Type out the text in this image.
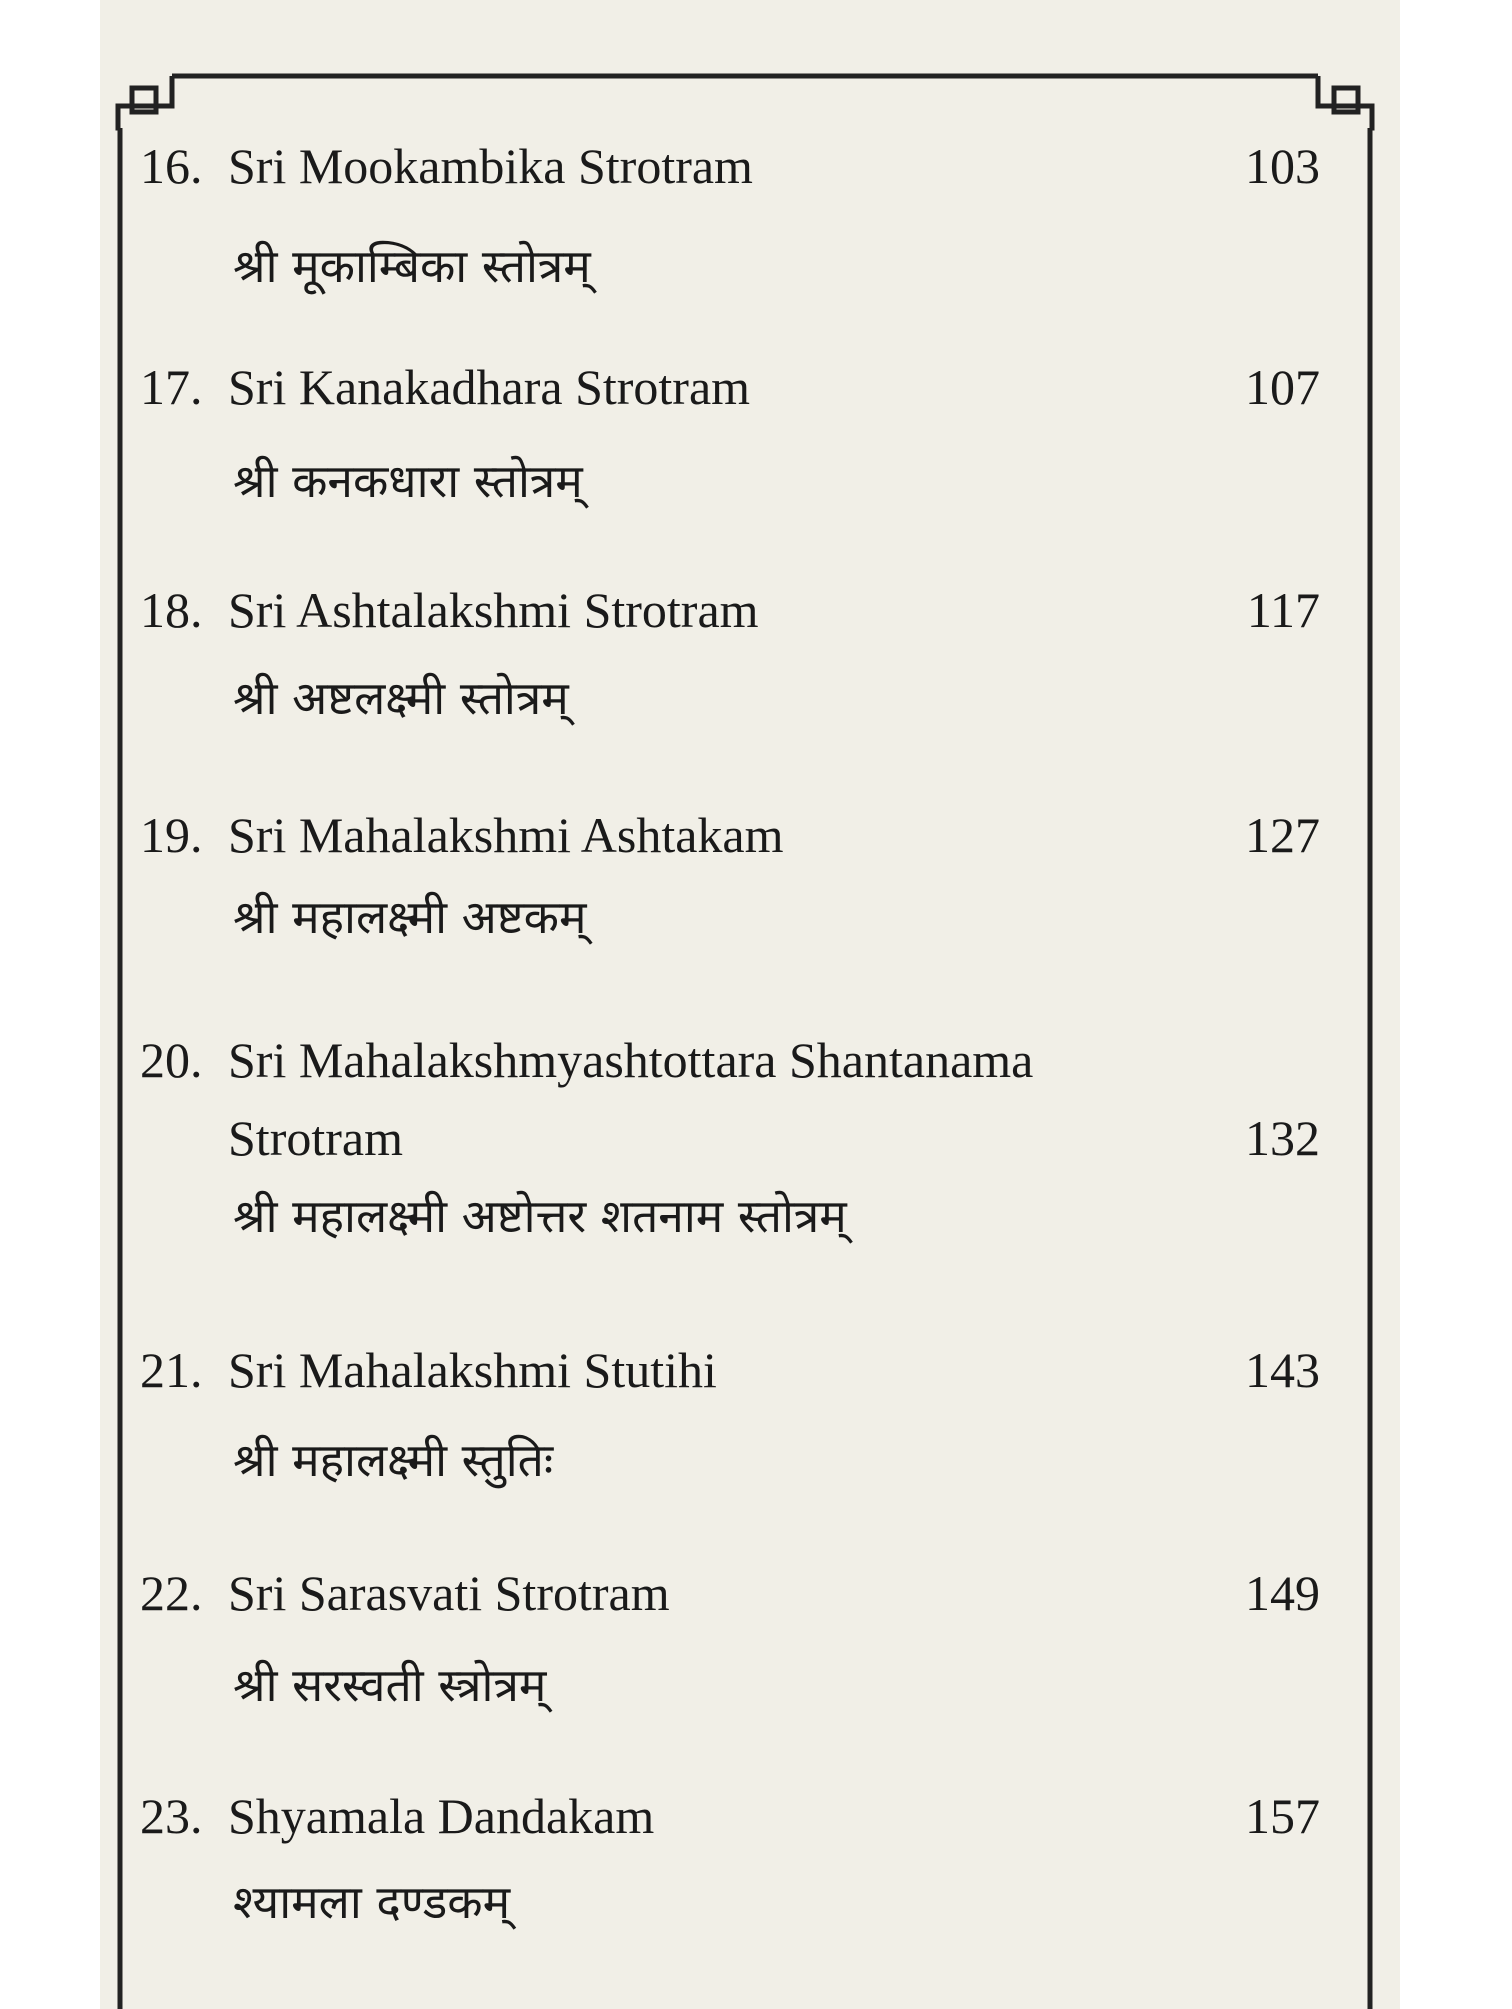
16. Sri Mookambika Strotram	103
श्री मूकाम्बिका स्तोत्रम्
17. Sri Kanakadhara Strotram	107
श्री कनकधारा स्तोत्रम्
18. Sri Ashtalakshmi Strotram	117
श्री अष्टलक्ष्मी स्तोत्रम्
19. Sri Mahalakshmi Ashtakam	127
श्री महालक्ष्मी अष्टकम्
20. Sri Mahalakshmyashtottara Shantanama
Strotram	132
श्री महालक्ष्मी अष्टोत्तर शतनाम स्तोत्रम्
21. Sri Mahalakshmi Stutihi	143
श्री महालक्ष्मी स्तुतिः
22. Sri Sarasvati Strotram	149
श्री सरस्वती स्त्रोत्रम्
23. Shyamala Dandakam	157
श्यामला दण्डकम्
